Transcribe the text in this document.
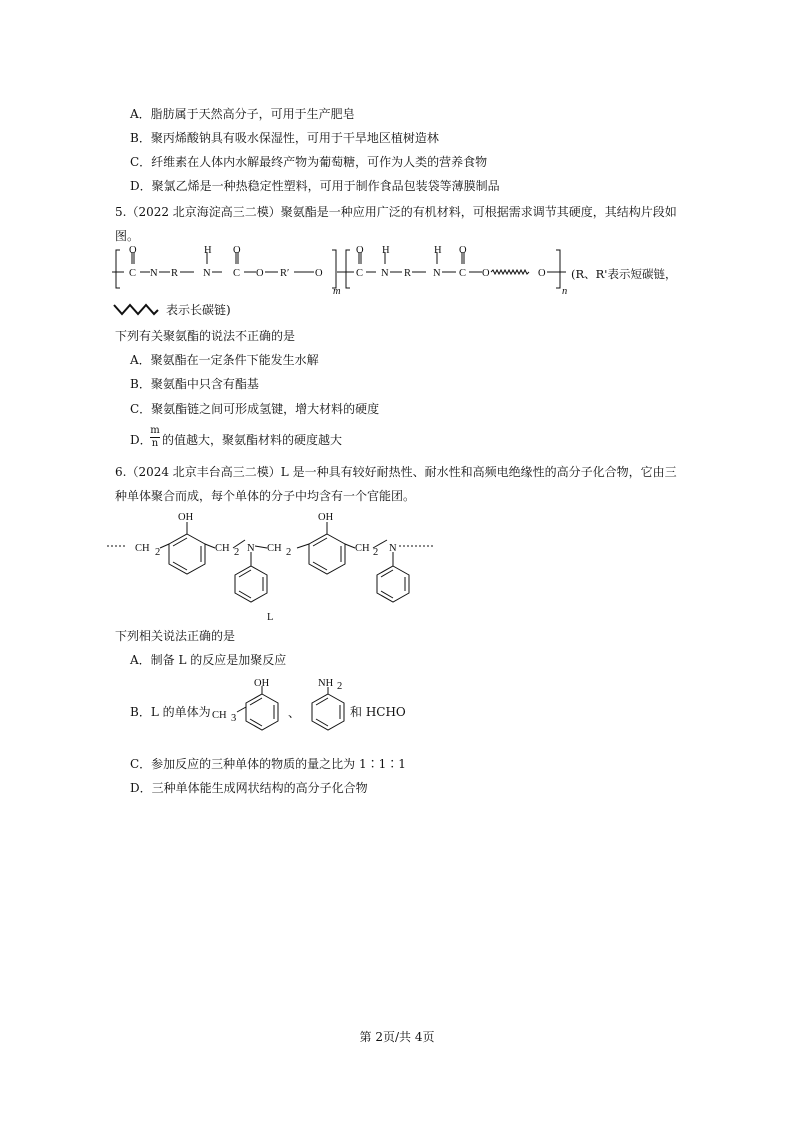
A．脂肪属于天然高分子，可用于生产肥皂
B．聚丙烯酸钠具有吸水保湿性，可用于干旱地区植树造林
C．纤维素在人体内水解最终产物为葡萄糖，可作为人类的营养食物
D．聚氯乙烯是一种热稳定性塑料，可用于制作食品包装袋等薄膜制品
5.（2022 北京海淀高三二模）聚氨酯是一种应用广泛的有机材料，可根据需求调节其硬度，其结构片段如
图。
O
C N R
H
N
O
C O R′ O
m
O
C
H
N R
H
N
O
C O	O
n
(R、R'表示短碳链，
表示长碳链)
下列有关聚氨酯的说法不正确的是
A．聚氨酯在一定条件下能发生水解
B．聚氨酯中只含有酯基
C．聚氨酯链之间可形成氢键，增大材料的硬度
D．
m
n 的值越大，聚氨酯材料的硬度越大
6.（2024 北京丰台高三二模）L 是一种具有较好耐热性、耐水性和高频电绝缘性的高分子化合物，它由三
种单体聚合而成，每个单体的分子中均含有一个官能团。
OH	OH
CH 2	CH 2 N CH 2	CH 2 N
L
下列相关说法正确的是
A．制备 L 的反应是加聚反应
B．L 的单体为
OH
CH 3	、
NH 2
和 HCHO
C．参加反应的三种单体的物质的量之比为 1∶1∶1
D．三种单体能生成网状结构的高分子化合物
第 2页/共 4页
